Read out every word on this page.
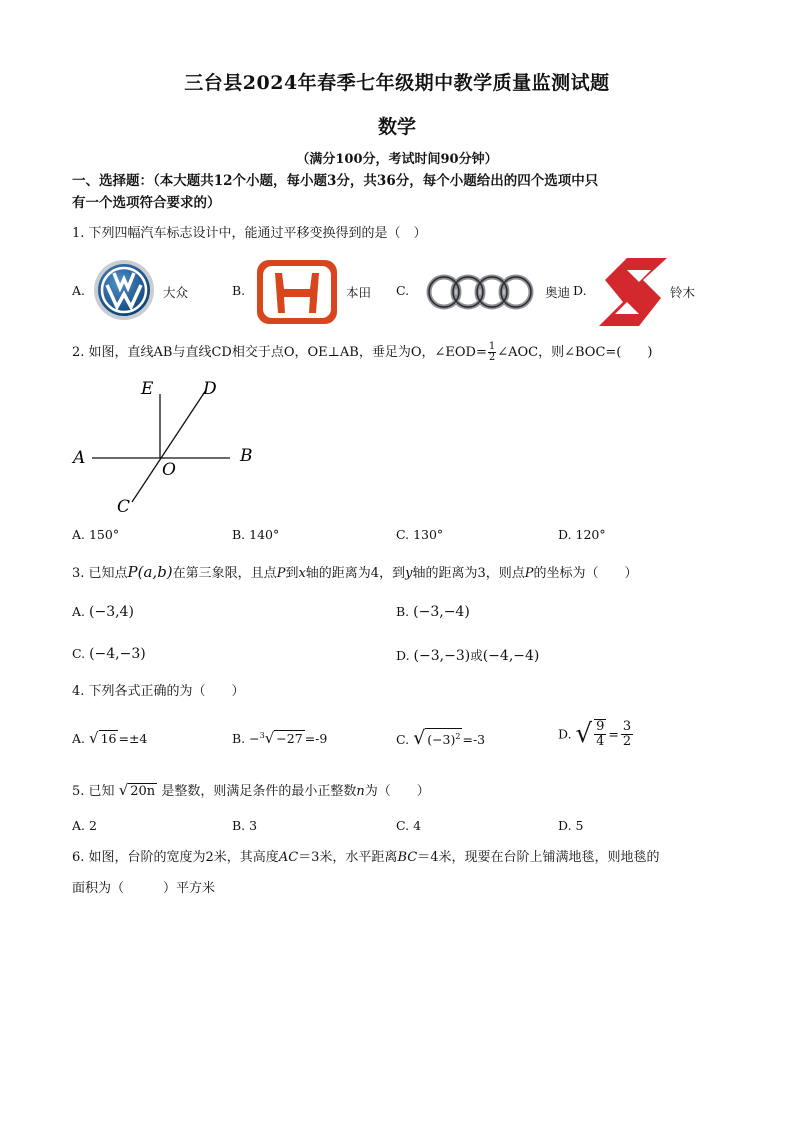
三台县2024年春季七年级期中教学质量监测试题
数学
（满分100分，考试时间90分钟）
一、选择题：（本大题共12个小题，每小题3分，共36分，每个小题给出的四个选项中只
有一个选项符合要求的）
1. 下列四幅汽车标志设计中，能通过平移变换得到的是（　）
A.	大众	B.	本田 C.	奥迪 D.	铃木
2. 如图，直线AB与直线CD相交于点O，OE⊥AB，垂足为O，∠EOD= $\frac{1}{2}$ ∠AOC，则∠BOC=(　　)
A	B
C
D
E
O
A. 150°	B. 140°	C. 130°	D. 120°
3. 已知点P(a,b)在第三象限，且点P到x轴的距离为4，到y轴的距离为3，则点P的坐标为（　　）
A. (−3,4)	B. (−3,−4)
C. (−4,−3)	D. (−3,−3)或(−4,−4)
4. 下列各式正确的为（　　）
A. √ 16 =±4	B. −$^3$√ −27 =-9	C. √ $(-3)^2 =-3$	D. √ $\frac{9}{4} = \frac{3}{2}$
5. 已知 √ 20n 是整数，则满足条件的最小正整数n为（　　）
A. 2	B. 3	C. 4	D. 5
6. 如图，台阶的宽度为2米，其高度AC＝3米，水平距离BC＝4米，现要在台阶上铺满地毯，则地毯的
面积为（　　　）平方米
